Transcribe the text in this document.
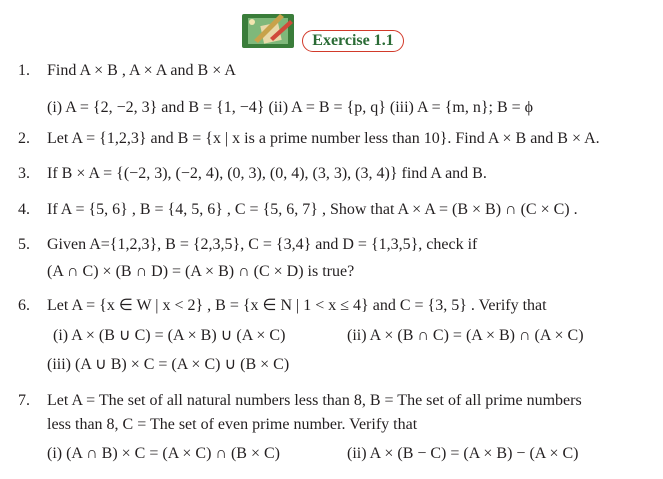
Exercise 1.1
1.	Find A × B , A × A and B × A
(i) A = {2, −2, 3} and B = {1, −4} (ii) A = B = {p, q} (iii) A = {m, n}; B = ϕ
2.	Let A = {1,2,3} and B = {x | x is a prime number less than 10}. Find A × B and B × A.
3.	If B × A = {(−2, 3), (−2, 4), (0, 3), (0, 4), (3, 3), (3, 4)} find A and B.
4.	If A = {5, 6} , B = {4, 5, 6} , C = {5, 6, 7} , Show that A × A = (B × B) ∩ (C × C) .
5.	Given A={1,2,3}, B = {2,3,5}, C = {3,4} and D = {1,3,5}, check if
(A ∩ C) × (B ∩ D) = (A × B) ∩ (C × D) is true?
6.	Let A = {x ∈ W | x < 2} , B = {x ∈ N | 1 < x ≤ 4} and C = {3, 5} . Verify that
(i) A × (B ∪ C) = (A × B) ∪ (A × C)	(ii) A × (B ∩ C) = (A × B) ∩ (A × C)
(iii) (A ∪ B) × C = (A × C) ∪ (B × C)
7.	Let A = The set of all natural numbers less than 8, B = The set of all prime numbers
less than 8, C = The set of even prime number. Verify that
(i) (A ∩ B) × C = (A × C) ∩ (B × C)	(ii) A × (B − C) = (A × B) − (A × C)
